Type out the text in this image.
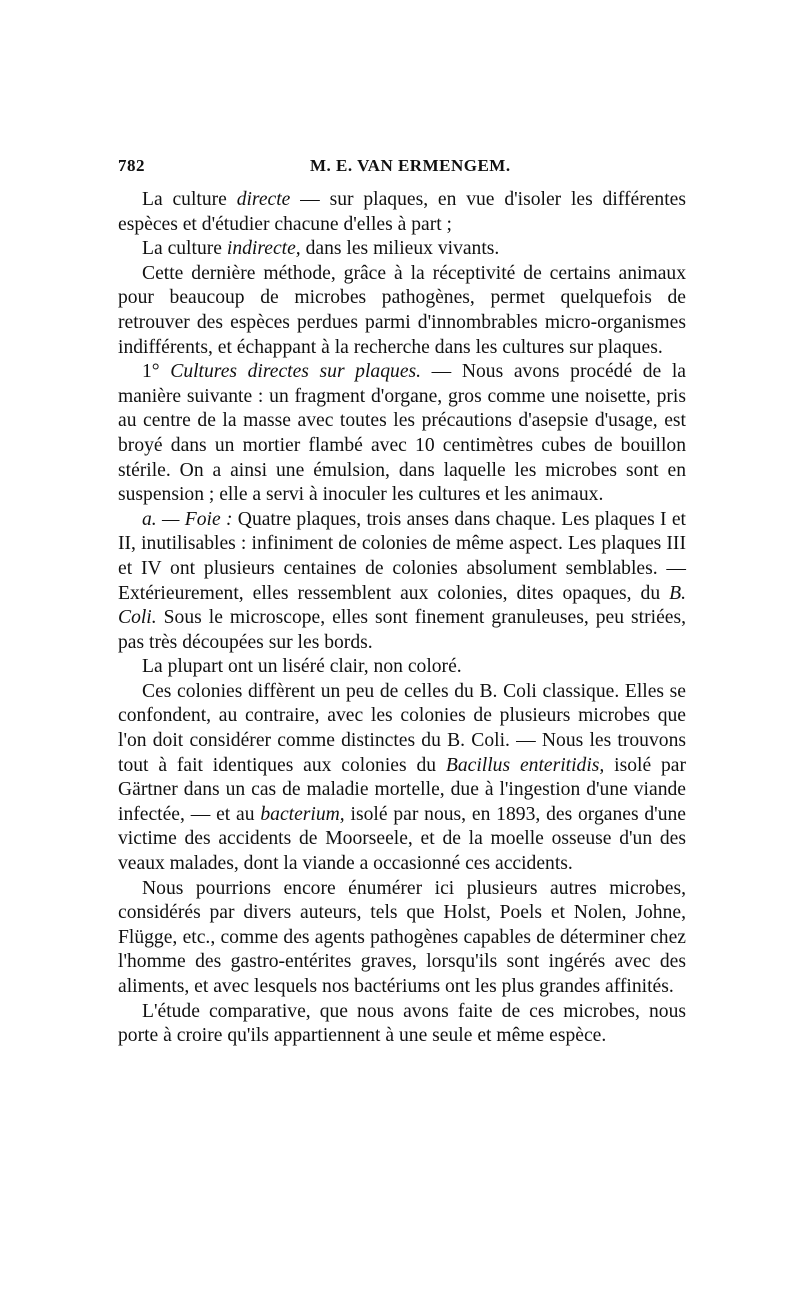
782	M. E. VAN ERMENGEM.

La culture directe — sur plaques, en vue d'isoler les différentes espèces et d'étudier chacune d'elles à part ;

La culture indirecte, dans les milieux vivants.

Cette dernière méthode, grâce à la réceptivité de certains animaux pour beaucoup de microbes pathogènes, permet quelquefois de retrouver des espèces perdues parmi d'innombrables micro-organismes indifférents, et échappant à la recherche dans les cultures sur plaques.

1° Cultures directes sur plaques. — Nous avons procédé de la manière suivante : un fragment d'organe, gros comme une noisette, pris au centre de la masse avec toutes les précautions d'asepsie d'usage, est broyé dans un mortier flambé avec 10 centimètres cubes de bouillon stérile. On a ainsi une émulsion, dans laquelle les microbes sont en suspension ; elle a servi à inoculer les cultures et les animaux.

a. — Foie : Quatre plaques, trois anses dans chaque. Les plaques I et II, inutilisables : infiniment de colonies de même aspect. Les plaques III et IV ont plusieurs centaines de colonies absolument semblables. — Extérieurement, elles ressemblent aux colonies, dites opaques, du B. Coli. Sous le microscope, elles sont finement granuleuses, peu striées, pas très découpées sur les bords.

La plupart ont un liséré clair, non coloré.

Ces colonies diffèrent un peu de celles du B. Coli classique. Elles se confondent, au contraire, avec les colonies de plusieurs microbes que l'on doit considérer comme distinctes du B. Coli. — Nous les trouvons tout à fait identiques aux colonies du Bacillus enteritidis, isolé par Gärtner dans un cas de maladie mortelle, due à l'ingestion d'une viande infectée, — et au bacterium, isolé par nous, en 1893, des organes d'une victime des accidents de Moorseele, et de la moelle osseuse d'un des veaux malades, dont la viande a occasionné ces accidents.

Nous pourrions encore énumérer ici plusieurs autres microbes, considérés par divers auteurs, tels que Holst, Poels et Nolen, Johne, Flügge, etc., comme des agents pathogènes capables de déterminer chez l'homme des gastro-entérites graves, lorsqu'ils sont ingérés avec des aliments, et avec lesquels nos bactériums ont les plus grandes affinités.

L'étude comparative, que nous avons faite de ces microbes, nous porte à croire qu'ils appartiennent à une seule et même espèce.
